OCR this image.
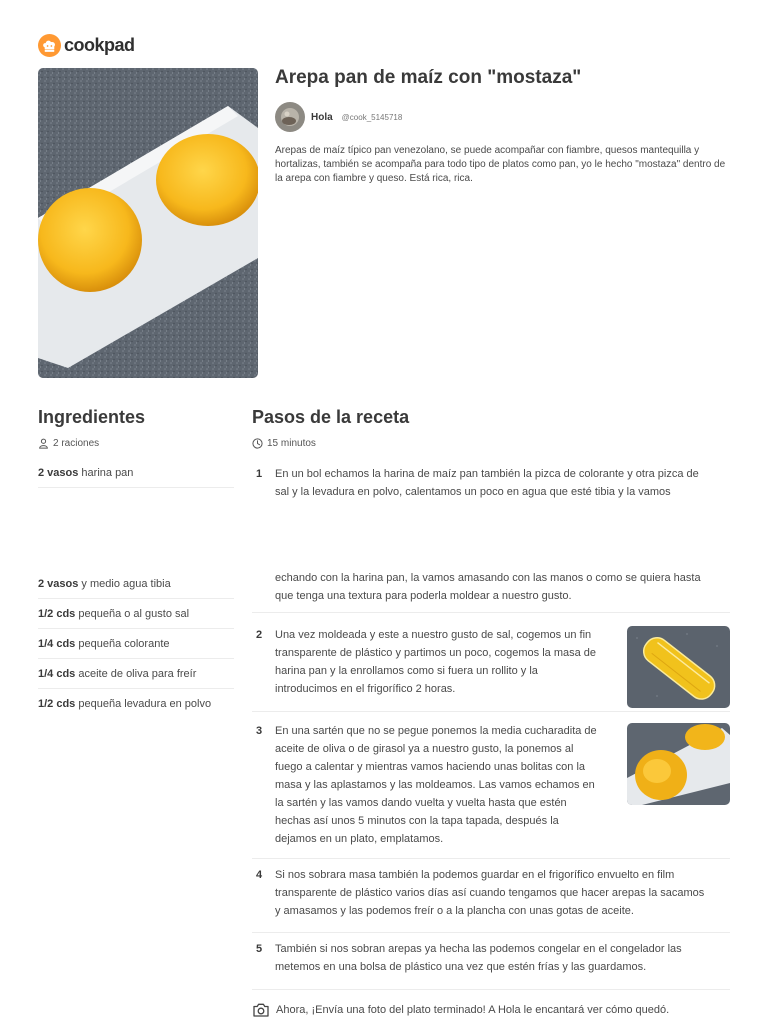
cookpad
Arepa pan de maíz con "mostaza"
Hola @cook_5145718

Arepas de maíz típico pan venezolano, se puede acompañar con fiambre, quesos mantequilla y hortalizas, también se acompaña para todo tipo de platos como pan, yo le hecho "mostaza" dentro de la arepa con fiambre y queso. Está rica, rica.

Ingredientes
2 raciones
2 vasos harina pan
2 vasos y medio agua tibia
1/2 cds pequeña o al gusto sal
1/4 cds pequeña colorante
1/4 cds aceite de oliva para freír
1/2 cds pequeña levadura en polvo
Pasos de la receta
15 minutos
1 En un bol echamos la harina de maíz pan también la pizca de colorante y otra pizca de
sal y la levadura en polvo, calentamos un poco en agua que esté tibia y la vamos
echando con la harina pan, la vamos amasando con las manos o como se quiera hasta
que tenga una textura para poderla moldear a nuestro gusto.
2 Una vez moldeada y este a nuestro gusto de sal, cogemos un fin
transparente de plástico y partimos un poco, cogemos la masa de
harina pan y la enrollamos como si fuera un rollito y la
introducimos en el frigorífico 2 horas.
3 En una sartén que no se pegue ponemos la media cucharadita de
aceite de oliva o de girasol ya a nuestro gusto, la ponemos al
fuego a calentar y mientras vamos haciendo unas bolitas con la
masa y las aplastamos y las moldeamos. Las vamos echamos en
la sartén y las vamos dando vuelta y vuelta hasta que estén
hechas así unos 5 minutos con la tapa tapada, después la
dejamos en un plato, emplatamos.
4 Si nos sobrara masa también la podemos guardar en el frigorífico envuelto en film
transparente de plástico varios días así cuando tengamos que hacer arepas la sacamos
y amasamos y las podemos freír o a la plancha con unas gotas de aceite.
5 También si nos sobran arepas ya hecha las podemos congelar en el congelador las
metemos en una bolsa de plástico una vez que estén frías y las guardamos.
Ahora, ¡Envía una foto del plato terminado! A Hola le encantará ver cómo quedó.
